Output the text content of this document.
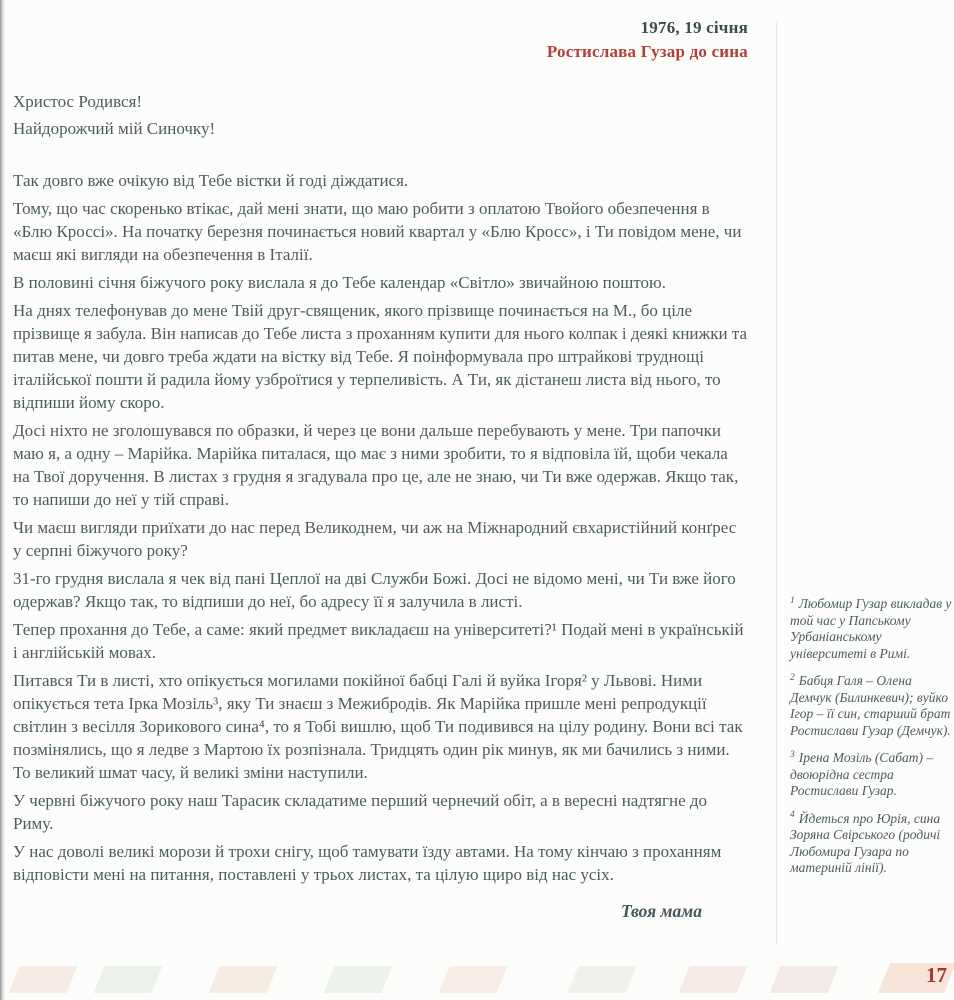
1976, 19 січня
Ростислава Гузар до сина
Христос Родився!
Найдорожчий мій Синочку!

Так довго вже очікую від Тебе вістки й годі діждатися.

Тому, що час скоренько втікає, дай мені знати, що маю робити з оплатою Твойого обезпечення в «Блю Кроссі». На початку березня починається новий квартал у «Блю Кросс», і Ти повідом мене, чи маєш які вигляди на обезпечення в Італії.

В половині січня біжучого року вислала я до Тебе календар «Світло» звичайною поштою.

На днях телефонував до мене Твій друг-священик, якого прізвище починається на М., бо ціле прізвище я забула. Він написав до Тебе листа з проханням купити для нього колпак і деякі книжки та питав мене, чи довго треба ждати на вістку від Тебе. Я поінформувала про штрайкові труднощі італійської пошти й радила йому узброїтися у терпеливість. А Ти, як дістанеш листа від нього, то відпиши йому скоро.

Досі ніхто не зголошувався по образки, й через це вони дальше перебувають у мене. Три папочки маю я, а одну – Марійка. Марійка питалася, що має з ними зробити, то я відповіла їй, щоби чекала на Твої доручення. В листах з грудня я згадувала про це, але не знаю, чи Ти вже одержав. Якщо так, то напиши до неї у тій справі.

Чи маєш вигляди приїхати до нас перед Великоднем, чи аж на Міжнародний євхаристійний конґрес у серпні біжучого року?

31-го грудня вислала я чек від пані Цеплої на дві Служби Божі. Досі не відомо мені, чи Ти вже його одержав? Якщо так, то відпиши до неї, бо адресу її я залучила в листі.

Тепер прохання до Тебе, а саме: який предмет викладаєш на університеті?¹ Подай мені в українській і англійській мовах.

Питався Ти в листі, хто опікується могилами покійної бабці Галі й вуйка Ігоря² у Львові. Ними опікується тета Ірка Мозіль³, яку Ти знаєш з Межибродів. Як Марійка пришле мені репродукції світлин з весілля Зорикового сина⁴, то я Тобі вишлю, щоб Ти подивився на цілу родину. Вони всі так позмінялись, що я ледве з Мартою їх розпізнала. Тридцять один рік минув, як ми бачились з ними. То великий шмат часу, й великі зміни наступили.

У червні біжучого року наш Тарасик складатиме перший чернечий обіт, а в вересні надтягне до Риму.

У нас доволі великі морози й трохи снігу, щоб тамувати їзду автами. На тому кінчаю з проханням відповісти мені на питання, поставлені у трьох листах, та цілую щиро від нас усіх.

Твоя мама
$^1$ Любомир Гузар викладав у той час у Папському Урбаніанському університеті в Римі.
$^2$ Бабця Галя – Олена Демчук (Билинкевич); вуйко Ігор – її син, старший брат Ростислави Гузар (Демчук).
$^3$ Ірена Мозіль (Сабат) – двоюрідна сестра Ростислави Гузар.
$^4$ Йдеться про Юрія, сина Зоряна Свірського (родичі Любомира Гузара по материній лінії).
17
